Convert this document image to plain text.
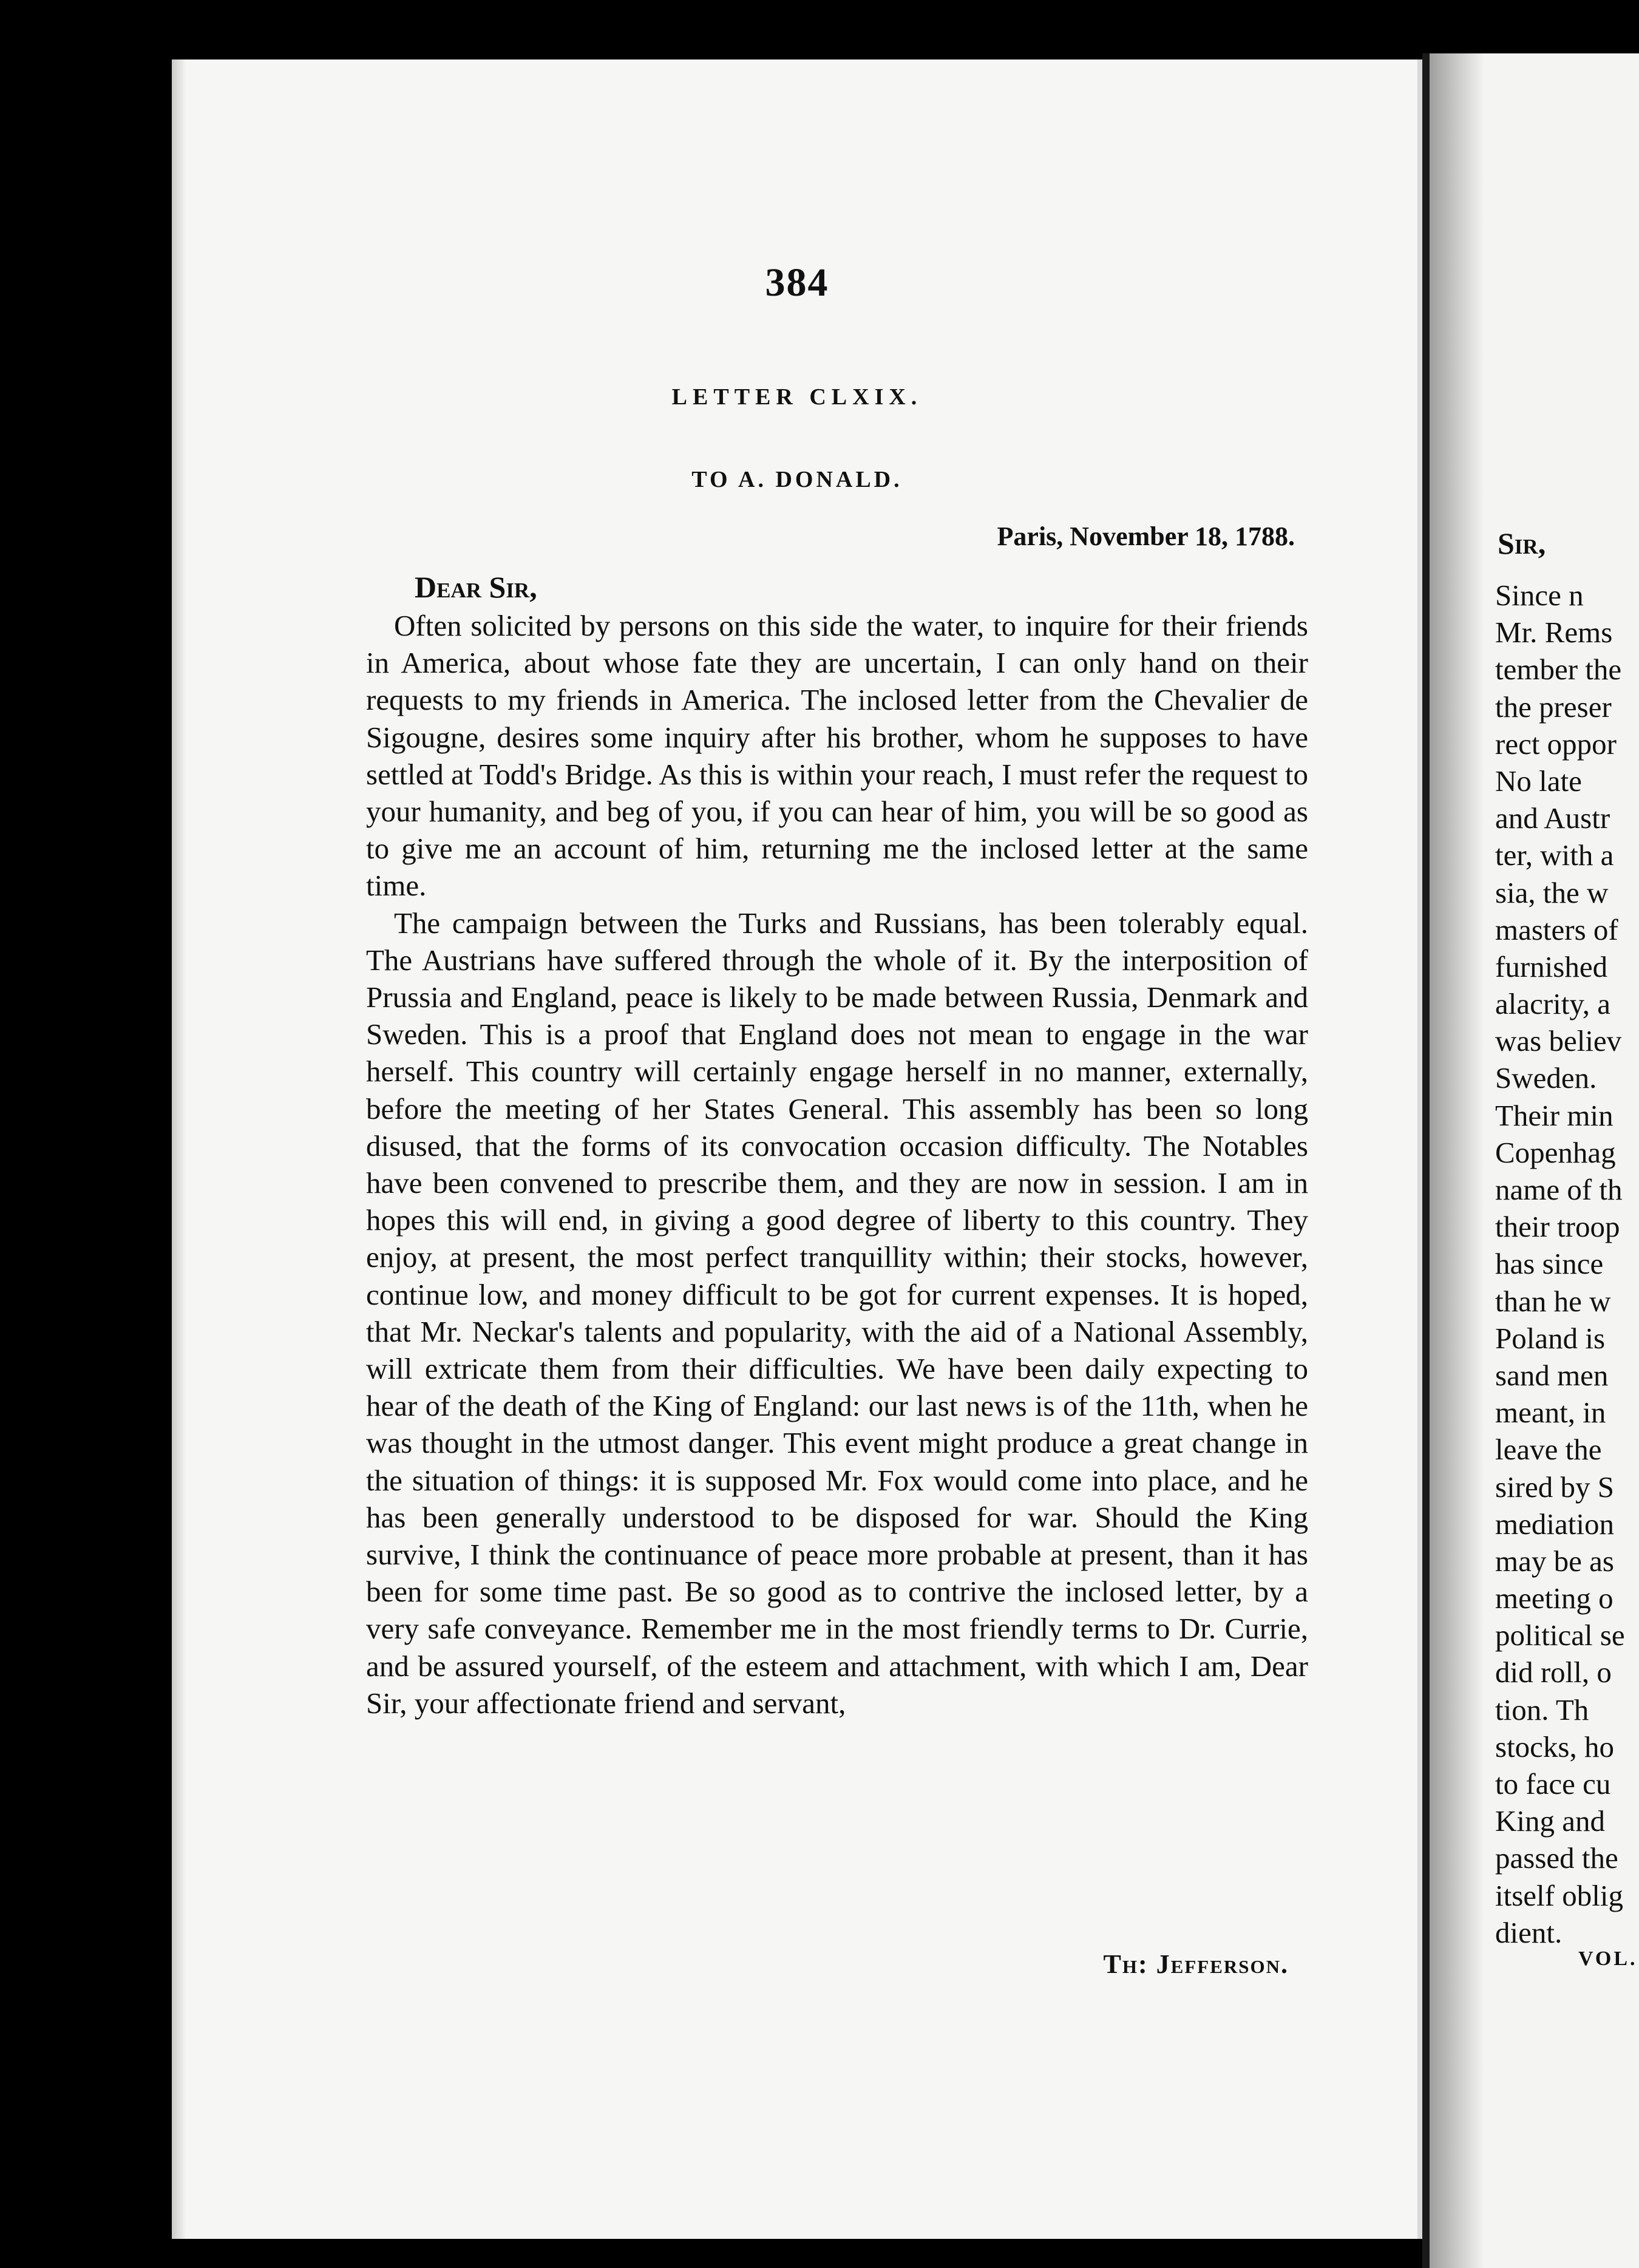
384
LETTER CLXIX.
TO A. DONALD.
Paris, November 18, 1788.
Dear Sir,

Often solicited by persons on this side the water, to inquire for their friends in America, about whose fate they are uncertain, I can only hand on their requests to my friends in America. The inclosed letter from the Chevalier de Sigougne, desires some inquiry after his brother, whom he supposes to have settled at Todd's Bridge. As this is within your reach, I must refer the request to your humanity, and beg of you, if you can hear of him, you will be so good as to give me an account of him, returning me the inclosed letter at the same time.

The campaign between the Turks and Russians, has been tolerably equal. The Austrians have suffered through the whole of it. By the interposition of Prussia and England, peace is likely to be made between Russia, Denmark and Sweden. This is a proof that England does not mean to engage in the war herself. This country will certainly engage herself in no manner, externally, before the meeting of her States General. This assembly has been so long disused, that the forms of its convocation occasion difficulty. The Notables have been convened to prescribe them, and they are now in session. I am in hopes this will end, in giving a good degree of liberty to this country. They enjoy, at present, the most perfect tranquillity within; their stocks, however, continue low, and money difficult to be got for current expenses. It is hoped, that Mr. Neckar's talents and popularity, with the aid of a National Assembly, will extricate them from their difficulties. We have been daily expecting to hear of the death of the King of England: our last news is of the 11th, when he was thought in the utmost danger. This event might produce a great change in the situation of things: it is supposed Mr. Fox would come into place, and he has been generally understood to be disposed for war. Should the King survive, I think the continuance of peace more probable at present, than it has been for some time past. Be so good as to contrive the inclosed letter, by a very safe conveyance. Remember me in the most friendly terms to Dr. Currie, and be assured yourself, of the esteem and attachment, with which I am, Dear Sir, your affectionate friend and servant,

Th: Jefferson.
Sir,
Since n
Mr. Rems
tember the
the preser
rect oppor
No late
and Austr
ter, with a
sia, the w
masters of
furnished
alacrity, a
was believ
Sweden.
Their min
Copenhag
name of th
their troop
has since
than he w
Poland is
sand men
meant, in
leave the
sired by S
mediation
may be as
meeting o
political se
did roll, o
tion. Th
stocks, ho
to face cu
King and
passed the
itself oblig
dient.
VOL.
